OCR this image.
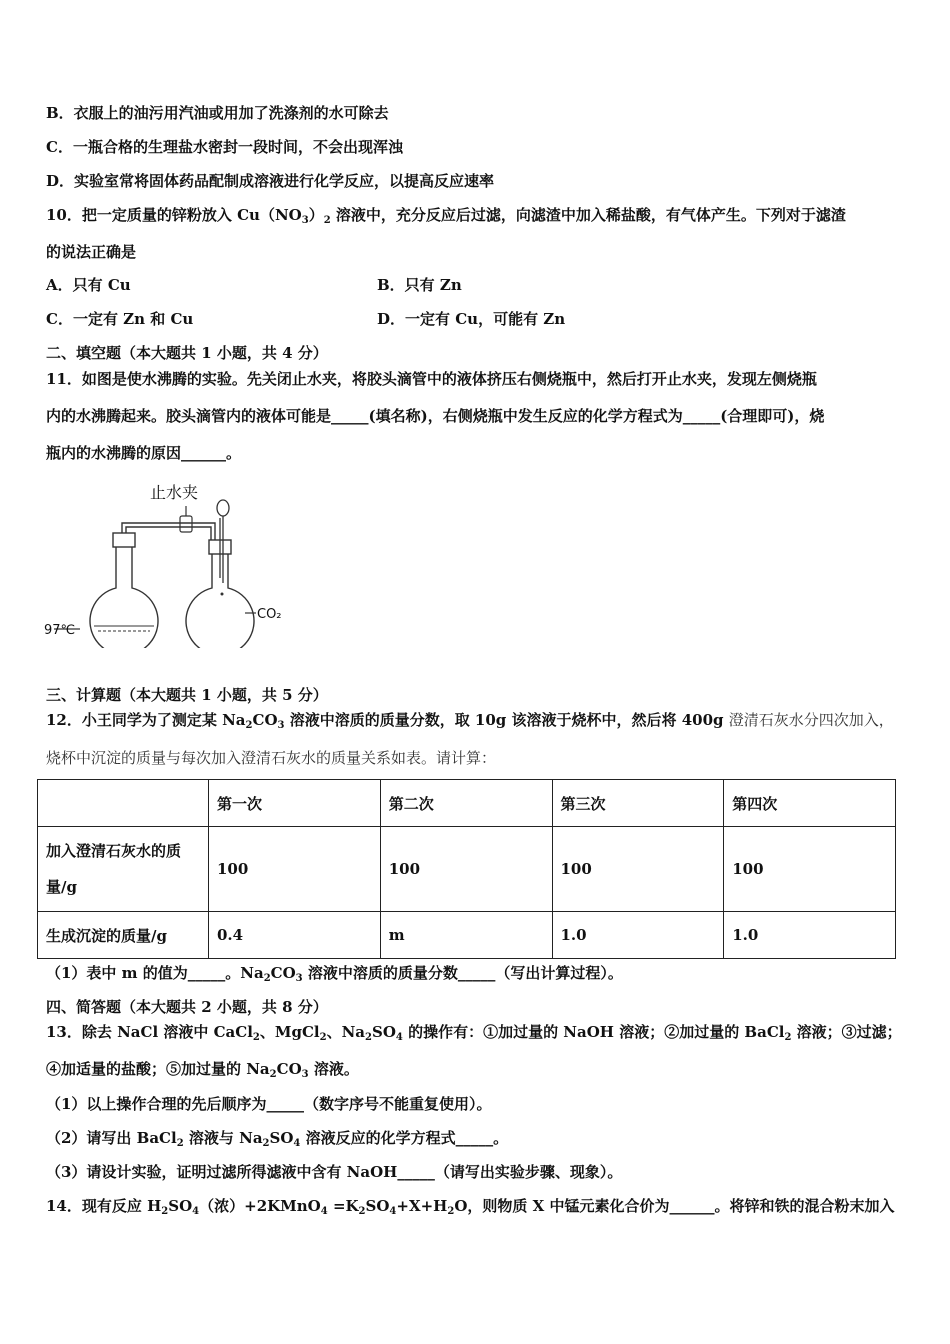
B．衣服上的油污用汽油或用加了洗涤剂的水可除去
C．一瓶合格的生理盐水密封一段时间，不会出现浑浊
D．实验室常将固体药品配制成溶液进行化学反应，以提高反应速率
10．把一定质量的锌粉放入 $Cu(NO_3)_2$ 溶液中，充分反应后过滤，向滤渣中加入稀盐酸，有气体产生。下列对于滤渣
的说法正确是
A．只有 Cu	B．只有 Zn
C．一定有 Zn 和 Cu	D．一定有 Cu，可能有 Zn
二、填空题（本大题共 1 小题，共 4 分）
11．如图是使水沸腾的实验。先关闭止水夹，将胶头滴管中的液体挤压右侧烧瓶中，然后打开止水夹，发现左侧烧瓶
内的水沸腾起来。胶头滴管内的液体可能是_____(填名称)，右侧烧瓶中发生反应的化学方程式为_____(合理即可)，烧
瓶内的水沸腾的原因______。
止水夹
CO₂
97℃
三、计算题（本大题共 1 小题，共 5 分）
12．小王同学为了测定某 $Na_2CO_3$ 溶液中溶质的质量分数，取 10g 该溶液于烧杯中，然后将 400g 澄清石灰水分四次加入，
烧杯中沉淀的质量与每次加入澄清石灰水的质量关系如表。请计算：
	第一次	第二次	第三次	第四次
加入澄清石灰水的质
量/g	100	100	100	100
生成沉淀的质量/g	0.4	m	1.0	1.0
（1）表中 m 的值为_____。$Na_2CO_3$ 溶液中溶质的质量分数_____（写出计算过程）。
四、简答题（本大题共 2 小题，共 8 分）
13．除去 NaCl 溶液中 CaCl$_2$、MgCl$_2$、$Na_2SO_4$ 的操作有：①加过量的 NaOH 溶液；②加过量的 BaCl$_2$ 溶液；③过滤；
④加适量的盐酸；⑤加过量的 $Na_2CO_3$ 溶液。
（1）以上操作合理的先后顺序为_____（数字序号不能重复使用）。
（2）请写出 BaCl$_2$ 溶液与 $Na_2SO_4$ 溶液反应的化学方程式_____。
（3）请设计实验，证明过滤所得滤液中含有 NaOH_____（请写出实验步骤、现象）。
14．现有反应 $H_2SO_4$（浓）+2KMnO$_4$ $=K_2SO_4+X+H_2O$，则物质 X 中锰元素化合价为______。将锌和铁的混合粉末加入
